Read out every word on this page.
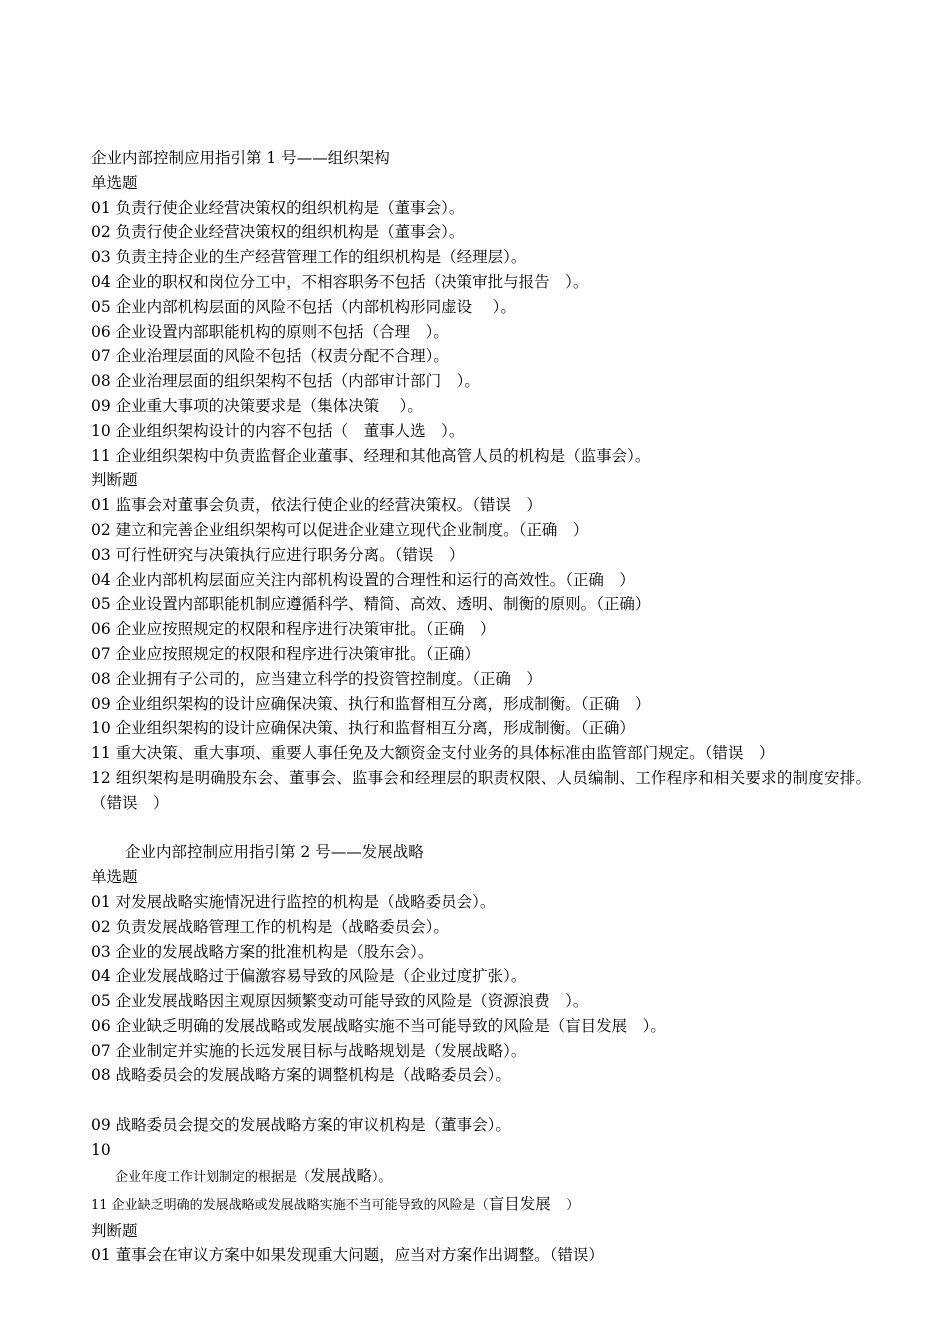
企业内部控制应用指引第 1 号——组织架构

单选题

01 负责行使企业经营决策权的组织机构是（董事会）。

02 负责行使企业经营决策权的组织机构是（董事会）。

03 负责主持企业的生产经营管理工作的组织机构是（经理层）。

04 企业的职权和岗位分工中，不相容职务不包括（决策审批与报告　）。

05 企业内部机构层面的风险不包括（内部机构形同虚设　 ）。

06 企业设置内部职能机构的原则不包括（合理　）。

07 企业治理层面的风险不包括（权责分配不合理）。

08 企业治理层面的组织架构不包括（内部审计部门　）。

09 企业重大事项的决策要求是（集体决策　 ）。

10 企业组织架构设计的内容不包括（　董事人选　）。

11 企业组织架构中负责监督企业董事、经理和其他高管人员的机构是（监事会）。

判断题

01 监事会对董事会负责，依法行使企业的经营决策权。（错误　）

02 建立和完善企业组织架构可以促进企业建立现代企业制度。（正确　）

03 可行性研究与决策执行应进行职务分离。（错误　）

04 企业内部机构层面应关注内部机构设置的合理性和运行的高效性。（正确　）

05 企业设置内部职能机制应遵循科学、精简、高效、透明、制衡的原则。（正确）

06 企业应按照规定的权限和程序进行决策审批。（正确　）

07 企业应按照规定的权限和程序进行决策审批。（正确）

08 企业拥有子公司的，应当建立科学的投资管控制度。（正确　）

09 企业组织架构的设计应确保决策、执行和监督相互分离，形成制衡。（正确　）

10 企业组织架构的设计应确保决策、执行和监督相互分离，形成制衡。（正确）

11 重大决策、重大事项、重要人事任免及大额资金支付业务的具体标准由监管部门规定。（错误　）

12 组织架构是明确股东会、董事会、监事会和经理层的职责权限、人员编制、工作程序和相关要求的制度安排。（错误　）

企业内部控制应用指引第 2 号——发展战略

单选题

01 对发展战略实施情况进行监控的机构是（战略委员会）。

02 负责发展战略管理工作的机构是（战略委员会）。

03 企业的发展战略方案的批准机构是（股东会）。

04 企业发展战略过于偏激容易导致的风险是（企业过度扩张）。

05 企业发展战略因主观原因频繁变动可能导致的风险是（资源浪费　）。

06 企业缺乏明确的发展战略或发展战略实施不当可能导致的风险是（盲目发展　）。

07 企业制定并实施的长远发展目标与战略规划是（发展战略）。

08 战略委员会的发展战略方案的调整机构是（战略委员会）。

09 战略委员会提交的发展战略方案的审议机构是（董事会）。

10

企业年度工作计划制定的根据是（发展战略）。

11 企业缺乏明确的发展战略或发展战略实施不当可能导致的风险是（盲目发展　）

判断题

01 董事会在审议方案中如果发现重大问题，应当对方案作出调整。（错误）
